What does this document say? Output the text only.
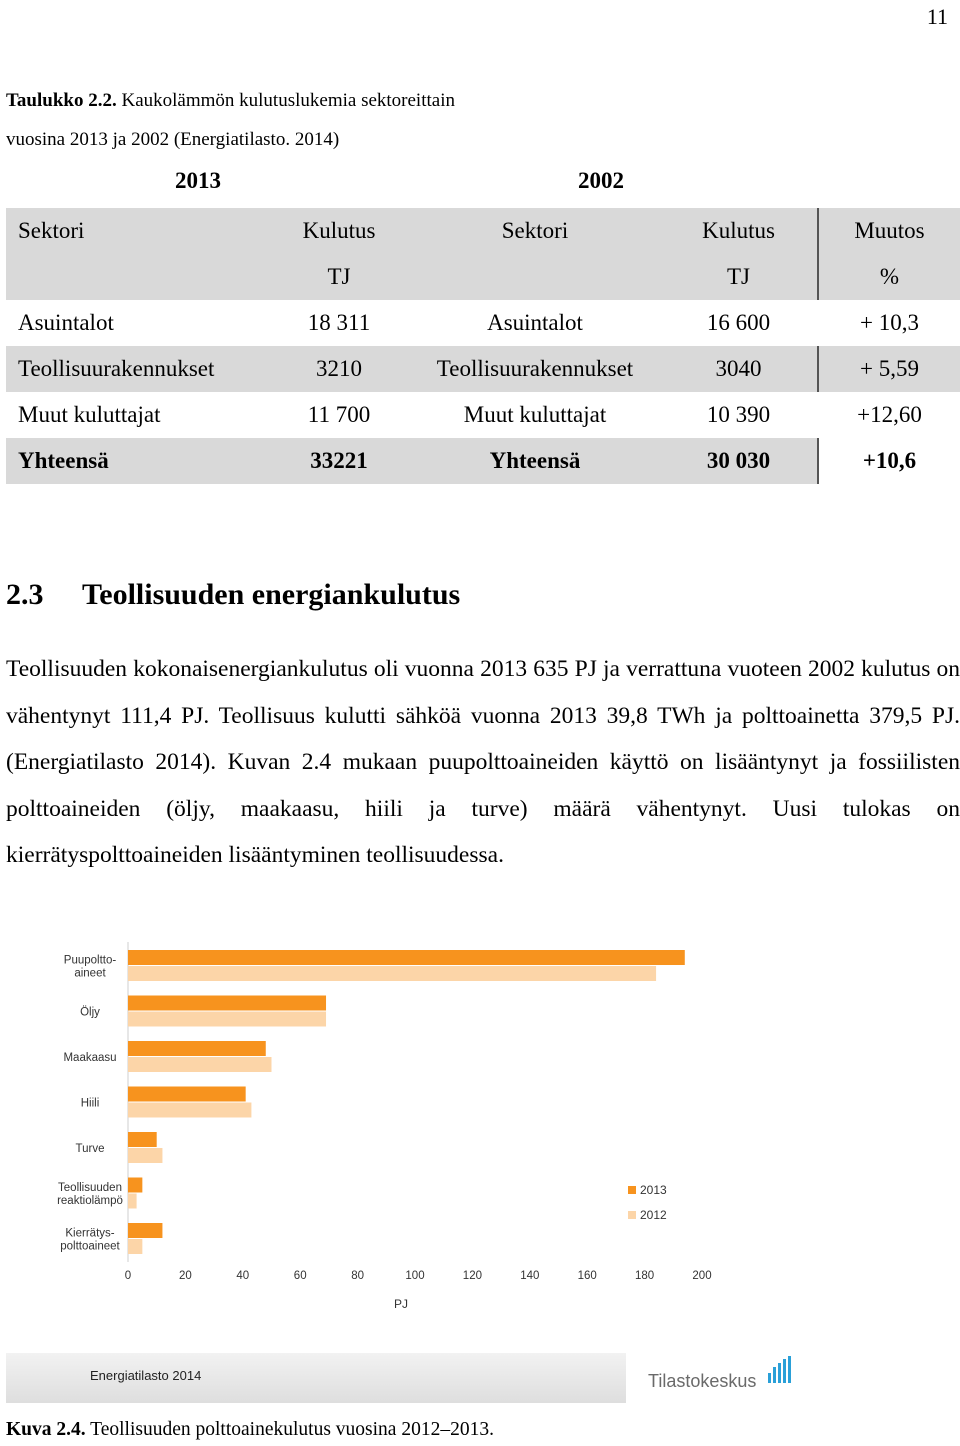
11
Taulukko 2.2. Kaukolämmön kulutuslukemia sektoreittain
vuosina 2013 ja 2002 (Energiatilasto. 2014)
2013	2002
Sektori	Kulutus	Sektori	Kulutus	Muutos
	TJ		TJ	%
Asuintalot	18 311	Asuintalot	16 600	+ 10,3
Teollisuurakennukset	3210	Teollisuurakennukset	3040	+ 5,59
Muut kuluttajat	11 700	Muut kuluttajat	10 390	+12,60
Yhteensä	33221	Yhteensä	30 030	+10,6
2.3 Teollisuuden energiankulutus
Teollisuuden kokonaisenergiankulutus oli vuonna 2013 635 PJ ja verrattuna vuoteen 2002 kulutus on vähentynyt 111,4 PJ. Teollisuus kulutti sähköä vuonna 2013 39,8 TWh ja polttoainetta 379,5 PJ. (Energiatilasto 2014). Kuvan 2.4 mukaan puupolttoaineiden käyttö on lisääntynyt ja fossiilisten polttoaineiden (öljy, maakaasu, hiili ja turve) määrä vähentynyt. Uusi tulokas on kierrätyspolttoaineiden lisääntyminen teollisuudessa.
Puupoltto-
aineet
Öljy
Maakaasu
Hiili
Turve
Teollisuuden
reaktiolämpö
Kierrätys-
polttoaineet
0	20	40	60	80	100	120	140	160	180	200
PJ
2013
2012
Energiatilasto 2014	Tilastokeskus
Kuva 2.4. Teollisuuden polttoainekulutus vuosina 2012–2013.
